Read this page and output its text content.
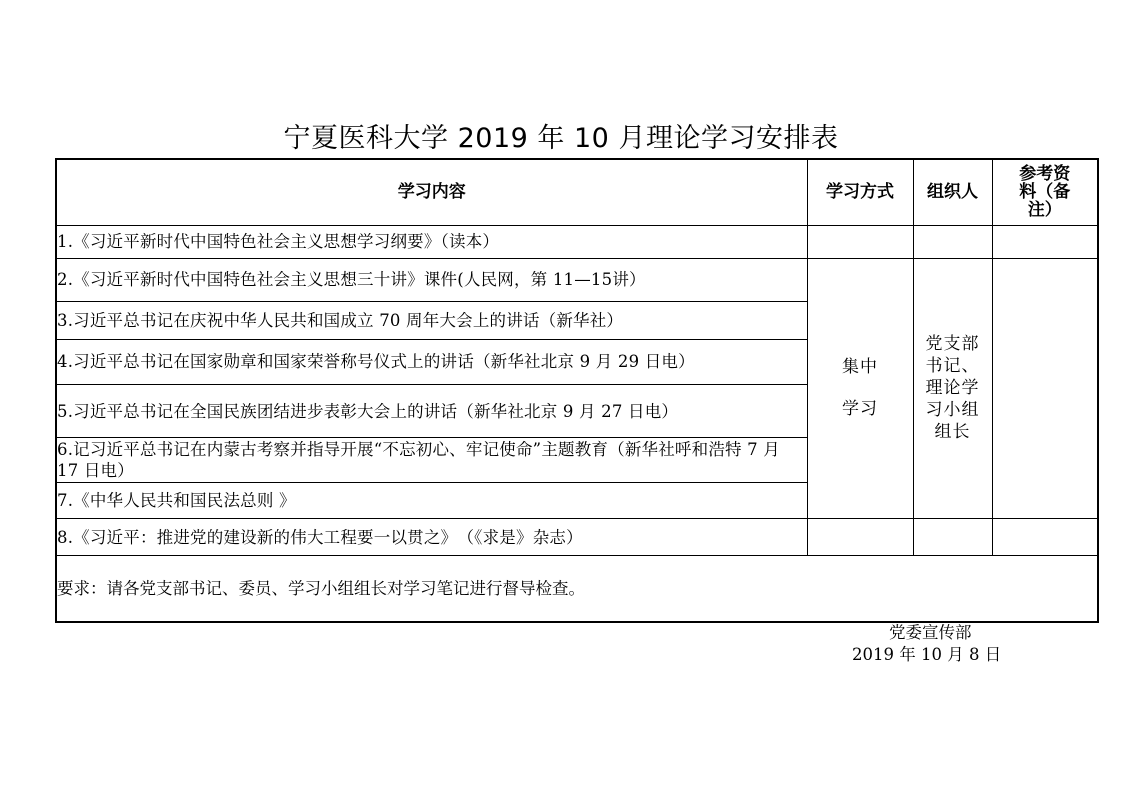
宁夏医科大学 2019 年 10 月理论学习安排表
学习内容	学习方式	组织人	参考资料（备注）

1.《习近平新时代中国特色社会主义思想学习纲要》（读本）			
2.《习近平新时代中国特色社会主义思想三十讲》课件(人民网，第 11—15讲）	集中学习	党支部书记、理论学习小组组长	

3.习近平总书记在庆祝中华人民共和国成立 70 周年大会上的讲话（新华社）			
4.习近平总书记在国家勋章和国家荣誉称号仪式上的讲话（新华社北京 9 月 29 日电）			
5.习近平总书记在全国民族团结进步表彰大会上的讲话（新华社北京 9 月 27 日电）			
6.记习近平总书记在内蒙古考察并指导开展“不忘初心、牢记使命”主题教育（新华社呼和浩特 7 月 17 日电）			
7.《中华人民共和国民法总则 》			
8.《习近平：推进党的建设新的伟大工程要一以贯之》　（《求是》杂志）			
要求：请各党支部书记、委员、学习小组组长对学习笔记进行督导检查。			
党委宣传部
2019 年 10 月 8 日
